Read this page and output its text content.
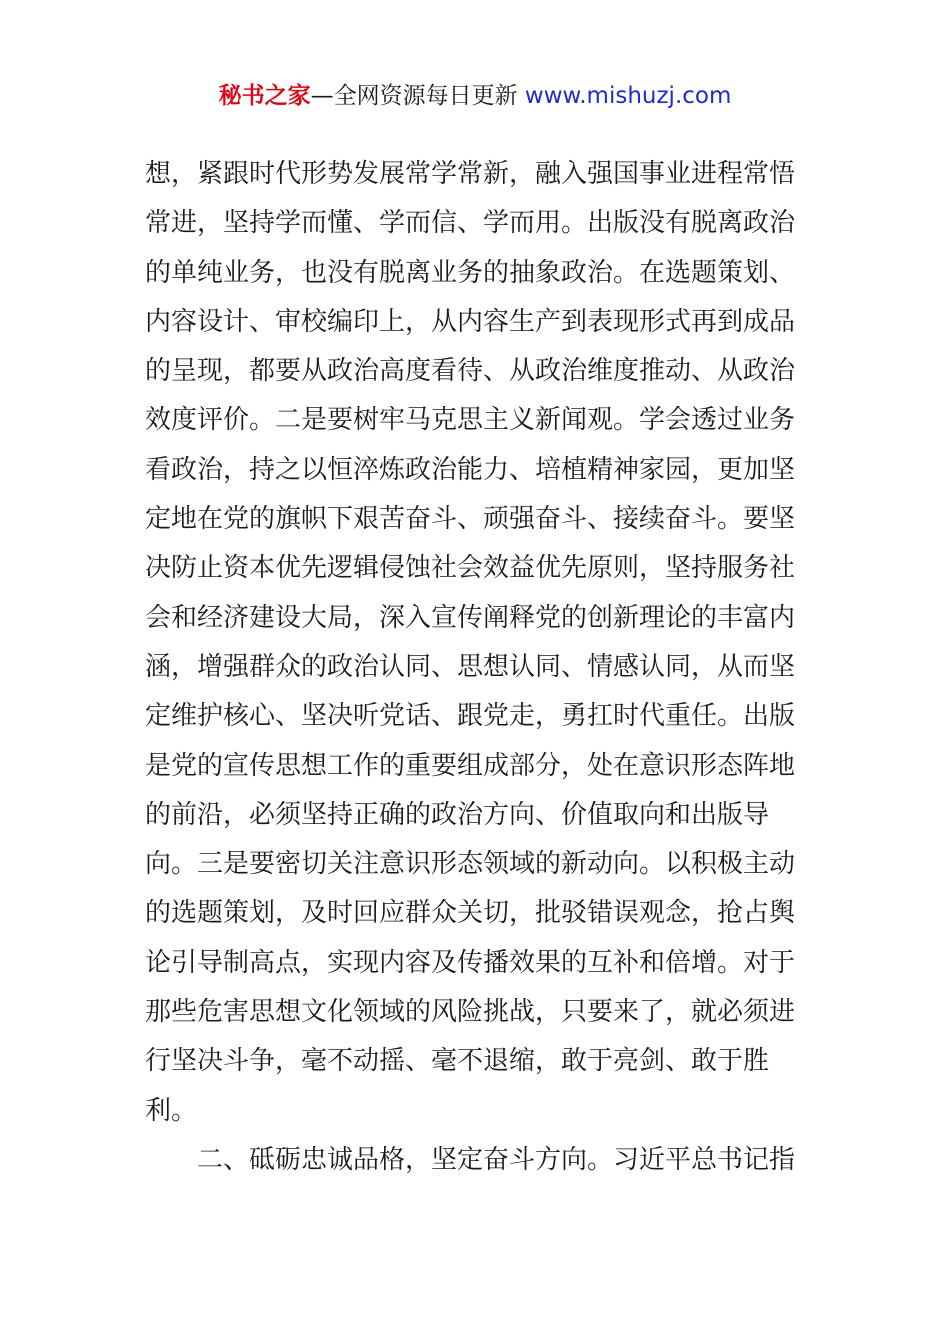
秘书之家—全网资源每日更新 www.mishuzj.com
想，紧跟时代形势发展常学常新，融入强国事业进程常悟
常进，坚持学而懂、学而信、学而用。出版没有脱离政治
的单纯业务，也没有脱离业务的抽象政治。在选题策划、
内容设计、审校编印上，从内容生产到表现形式再到成品
的呈现，都要从政治高度看待、从政治维度推动、从政治
效度评价。二是要树牢马克思主义新闻观。学会透过业务
看政治，持之以恒淬炼政治能力、培植精神家园，更加坚
定地在党的旗帜下艰苦奋斗、顽强奋斗、接续奋斗。要坚
决防止资本优先逻辑侵蚀社会效益优先原则，坚持服务社
会和经济建设大局，深入宣传阐释党的创新理论的丰富内
涵，增强群众的政治认同、思想认同、情感认同，从而坚
定维护核心、坚决听党话、跟党走，勇扛时代重任。出版
是党的宣传思想工作的重要组成部分，处在意识形态阵地
的前沿，必须坚持正确的政治方向、价值取向和出版导
向。三是要密切关注意识形态领域的新动向。以积极主动
的选题策划，及时回应群众关切，批驳错误观念，抢占舆
论引导制高点，实现内容及传播效果的互补和倍增。对于
那些危害思想文化领域的风险挑战，只要来了，就必须进
行坚决斗争，毫不动摇、毫不退缩，敢于亮剑、敢于胜
利。
二、砥砺忠诚品格，坚定奋斗方向。习近平总书记指
